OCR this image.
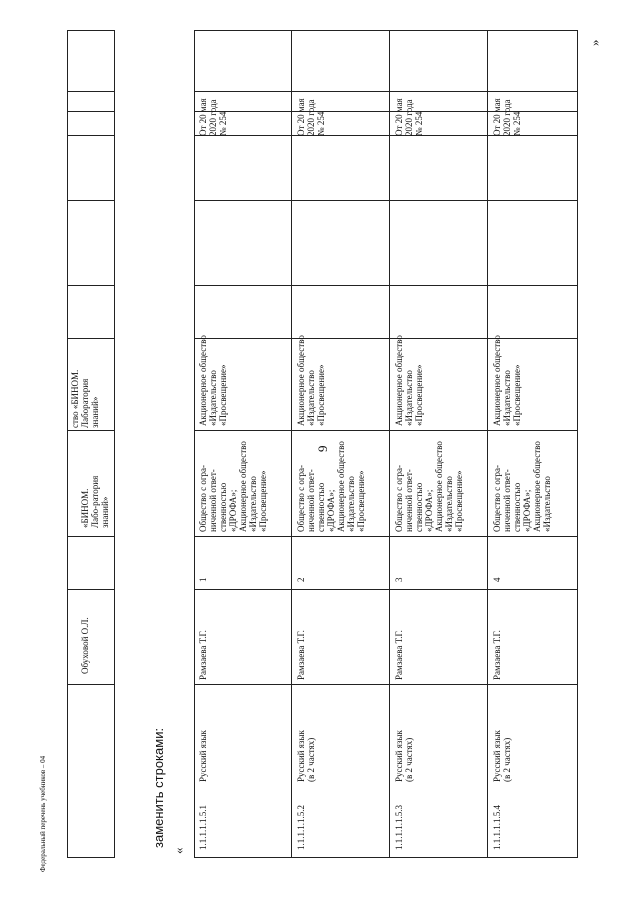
9
Федеральный перечень учебников – 04	заменить строками:
«
»
Обуховой О.Л.
«БИНОМ. Лабо-ратория знаний»
ство «БИНОМ. Лаборатория знаний»
1.1.1.1.1.5.1
Русский язык
Рамзаева Т.Г.
1
Общество с огра-ниченной ответ-ственностью «ДРОФА»; Акционерное общество «Издательство «Просвещение»
Акционерное общество «Издательство «Просвещение»
От 20 мая 2020 года № 254
1.1.1.1.1.5.2
Русский язык (в 2 частях)
Рамзаева Т.Г.
2
Общество с огра-ниченной ответ-ственностью «ДРОФА»; Акционерное общество «Издательство «Просвещение»
Акционерное общество «Издательство «Просвещение»
От 20 мая 2020 года № 254
1.1.1.1.1.5.3
Русский язык (в 2 частях)
Рамзаева Т.Г.
3
Общество с огра-ниченной ответ-ственностью «ДРОФА»; Акционерное общество «Издательство «Просвещение»
Акционерное общество «Издательство «Просвещение»
От 20 мая 2020 года № 254
1.1.1.1.1.5.4
Русский язык (в 2 частях)
Рамзаева Т.Г.
4
Общество с огра-ниченной ответ-ственностью «ДРОФА»; Акционерное общество «Издательство
Акционерное общество «Издательство «Просвещение»
От 20 мая 2020 года № 254
